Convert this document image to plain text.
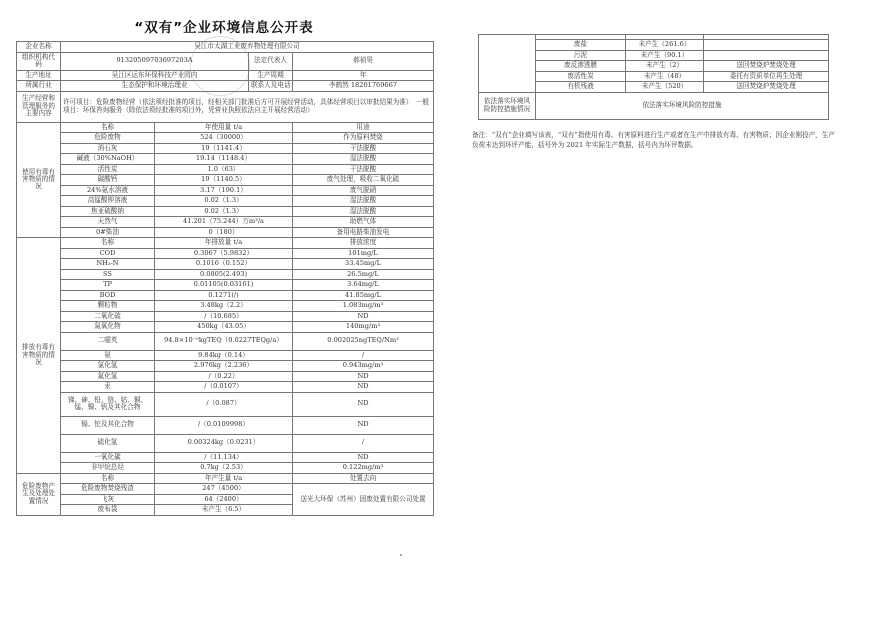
“双有”企业环境信息公开表
企业名称	吴江市太湖工业废弃物处理有限公司			
组织机构代码	913205097036972​03A		法定代表人	郝祯昊
生产地址	吴江区运东环保科技产业园内		生产周期	年
所属行业	生态保护和环境治理业		联系人及电话	李鹤然 18201769667
生产经营和管理服务的主要内容	许可项目：危险废物经营（依法须经批准的项目，经相关部门批准后方可开展经营活动，具体经营项目以审批结果为准）　一般项目：环保咨询服务（除依法须经批准的项目外，凭营业执照依法自主开展经营活动）			
使用有毒有害物质的情况	名称	年使用量 t/a		用途
	危险废物	524（30000）		作为原料焚烧
	消石灰	19（1141.4）		干法脱酸
	碱液（30%NaOH）	19.14（1148.4）		湿法脱酸
	活性炭	1.0（63）		干法脱酸
	碳酸钙	19（1140.5）		废气处理，吸收二氧化硫
	24%氨水溶液	3.17（190.1）		废气脱硝
	高锰酸钾溶液	0.02（1.3）		湿法脱酸
	焦亚硫酸钠	0.02（1.3）		湿法脱酸
	天然气	41.201（75.244）万m³/a		助燃气体
	0#柴油	0（180）		备用电路柴油发电
排放有毒有害物质的情况	名称	年排放量 t/a		排放浓度
	COD	0.3067（5.9832）		101mg/L
	NH₃-N	0.1016（0.152）		33.45mg/L
	SS	0.0805(2.493)		26.5mg/L
	TP	0.01105(0.03161)		3.64mg/L
	BOD	0.1271(/)		41.85mg/L
	颗粒物	3.48kg（2.2）		1.083mg/m³
	二氧化硫	/（10.685）		ND
	氮氧化物	450kg（43.05）		140mg/m³
	二噁英	94.8×10⁻⁹kgTEQ（0.0227TEQg/a）		0.002025ngTEQ/Nm³
	氨	9.84kg（0.14）		/
	氯化氢	2.976kg（2.236）		0.943mg/m³
	氟化氢	/（0.22）		ND
	汞	/（0.0107）		ND
	锑、砷、铅、铬、钴、铜、锰、镍、钒及其化合物	/（0.087）		ND
	镉、铊及其化合物	/（0.0109998）		ND
	硫化氢	0.00324kg（0.0231）		/
	一氧化碳	/（11.134）		ND
	非甲烷总烃	0.7kg（2.53）		0.122mg/m³
危险废物产生及处理处置情况	名称	年产生量 t/a		处置去向
	危险废物焚烧残渣	247（4500）		送光大环保（苏州）固废处置有限公司处置
	飞灰	64（2400）		
	废布袋	未产生（6.5）		

	废盐	未产生（261.6）	
	污泥	未产生（90.1）	
	废反渗透膜	未产生（2）	送回焚烧炉焚烧处理
	废活性炭	未产生（48）	委托有资质单位再生处理
	有机残液	未产生（520）	送回焚烧炉焚烧处理
依法落实环境风险防控措施情况	依法落实环境风险防控措施		
备注：“双有”企业填写该表，“双有”指使用有毒、有害原料进行生产或者在生产中排放有毒、有害物质；因企业刚投产，生产负荷未达到环评产能，括号外为 2021 年实际生产数据，括号内为环评数据。
